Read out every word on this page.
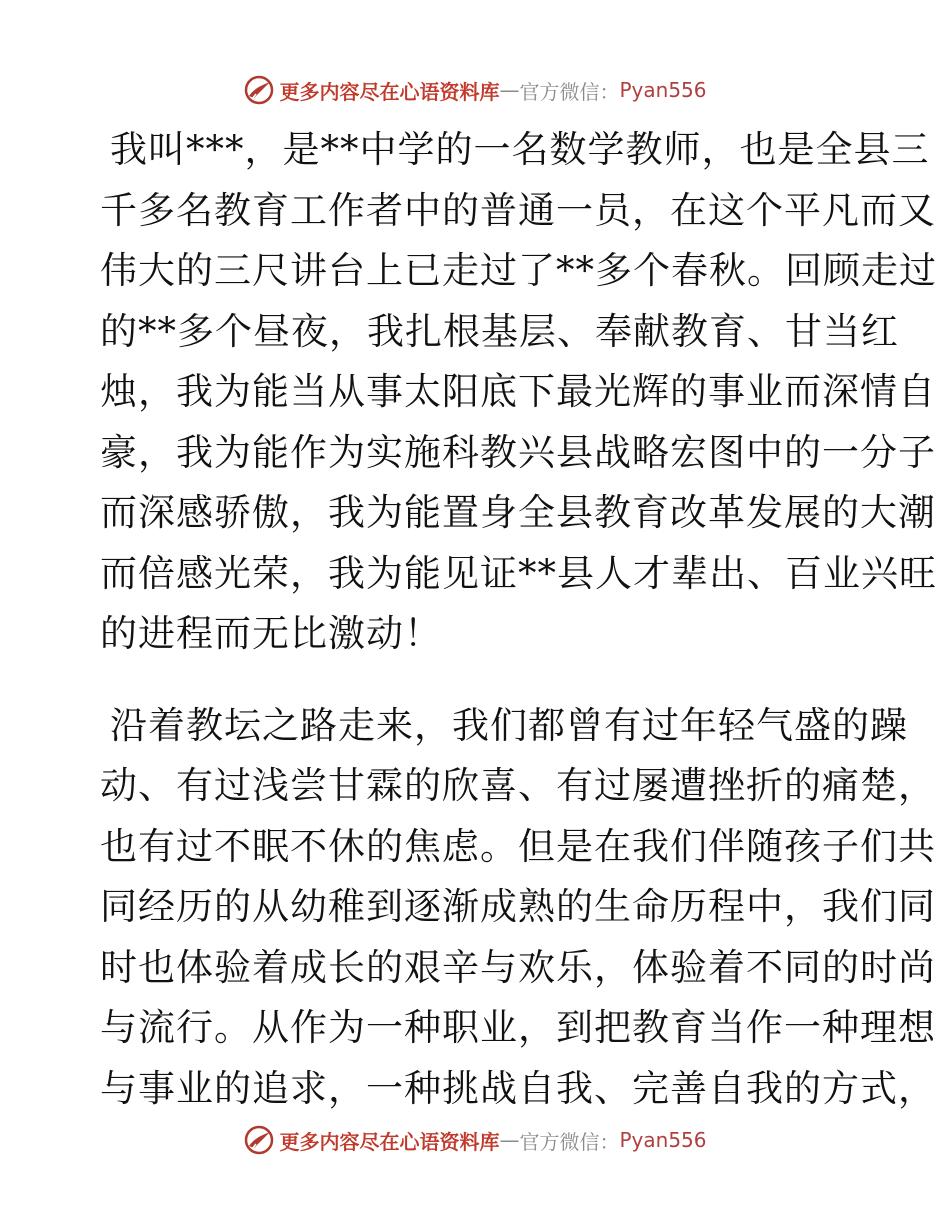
更多内容尽在心语资料库 — 官方微信： Pyan556

我叫***，是**中学的一名数学教师，也是全县三
千多名教育工作者中的普通一员，在这个平凡而又
伟大的三尺讲台上已走过了**多个春秋。回顾走过
的**多个昼夜，我扎根基层、奉献教育、甘当红
烛，我为能当从事太阳底下最光辉的事业而深情自
豪，我为能作为实施科教兴县战略宏图中的一分子
而深感骄傲，我为能置身全县教育改革发展的大潮
而倍感光荣，我为能见证**县人才辈出、百业兴旺
的进程而无比激动！

沿着教坛之路走来，我们都曾有过年轻气盛的躁
动、有过浅尝甘霖的欣喜、有过屡遭挫折的痛楚，
也有过不眠不休的焦虑。但是在我们伴随孩子们共
同经历的从幼稚到逐渐成熟的生命历程中，我们同
时也体验着成长的艰辛与欢乐，体验着不同的时尚
与流行。从作为一种职业，到把教育当作一种理想
与事业的追求，一种挑战自我、完善自我的方式，

更多内容尽在心语资料库 — 官方微信： Pyan556
